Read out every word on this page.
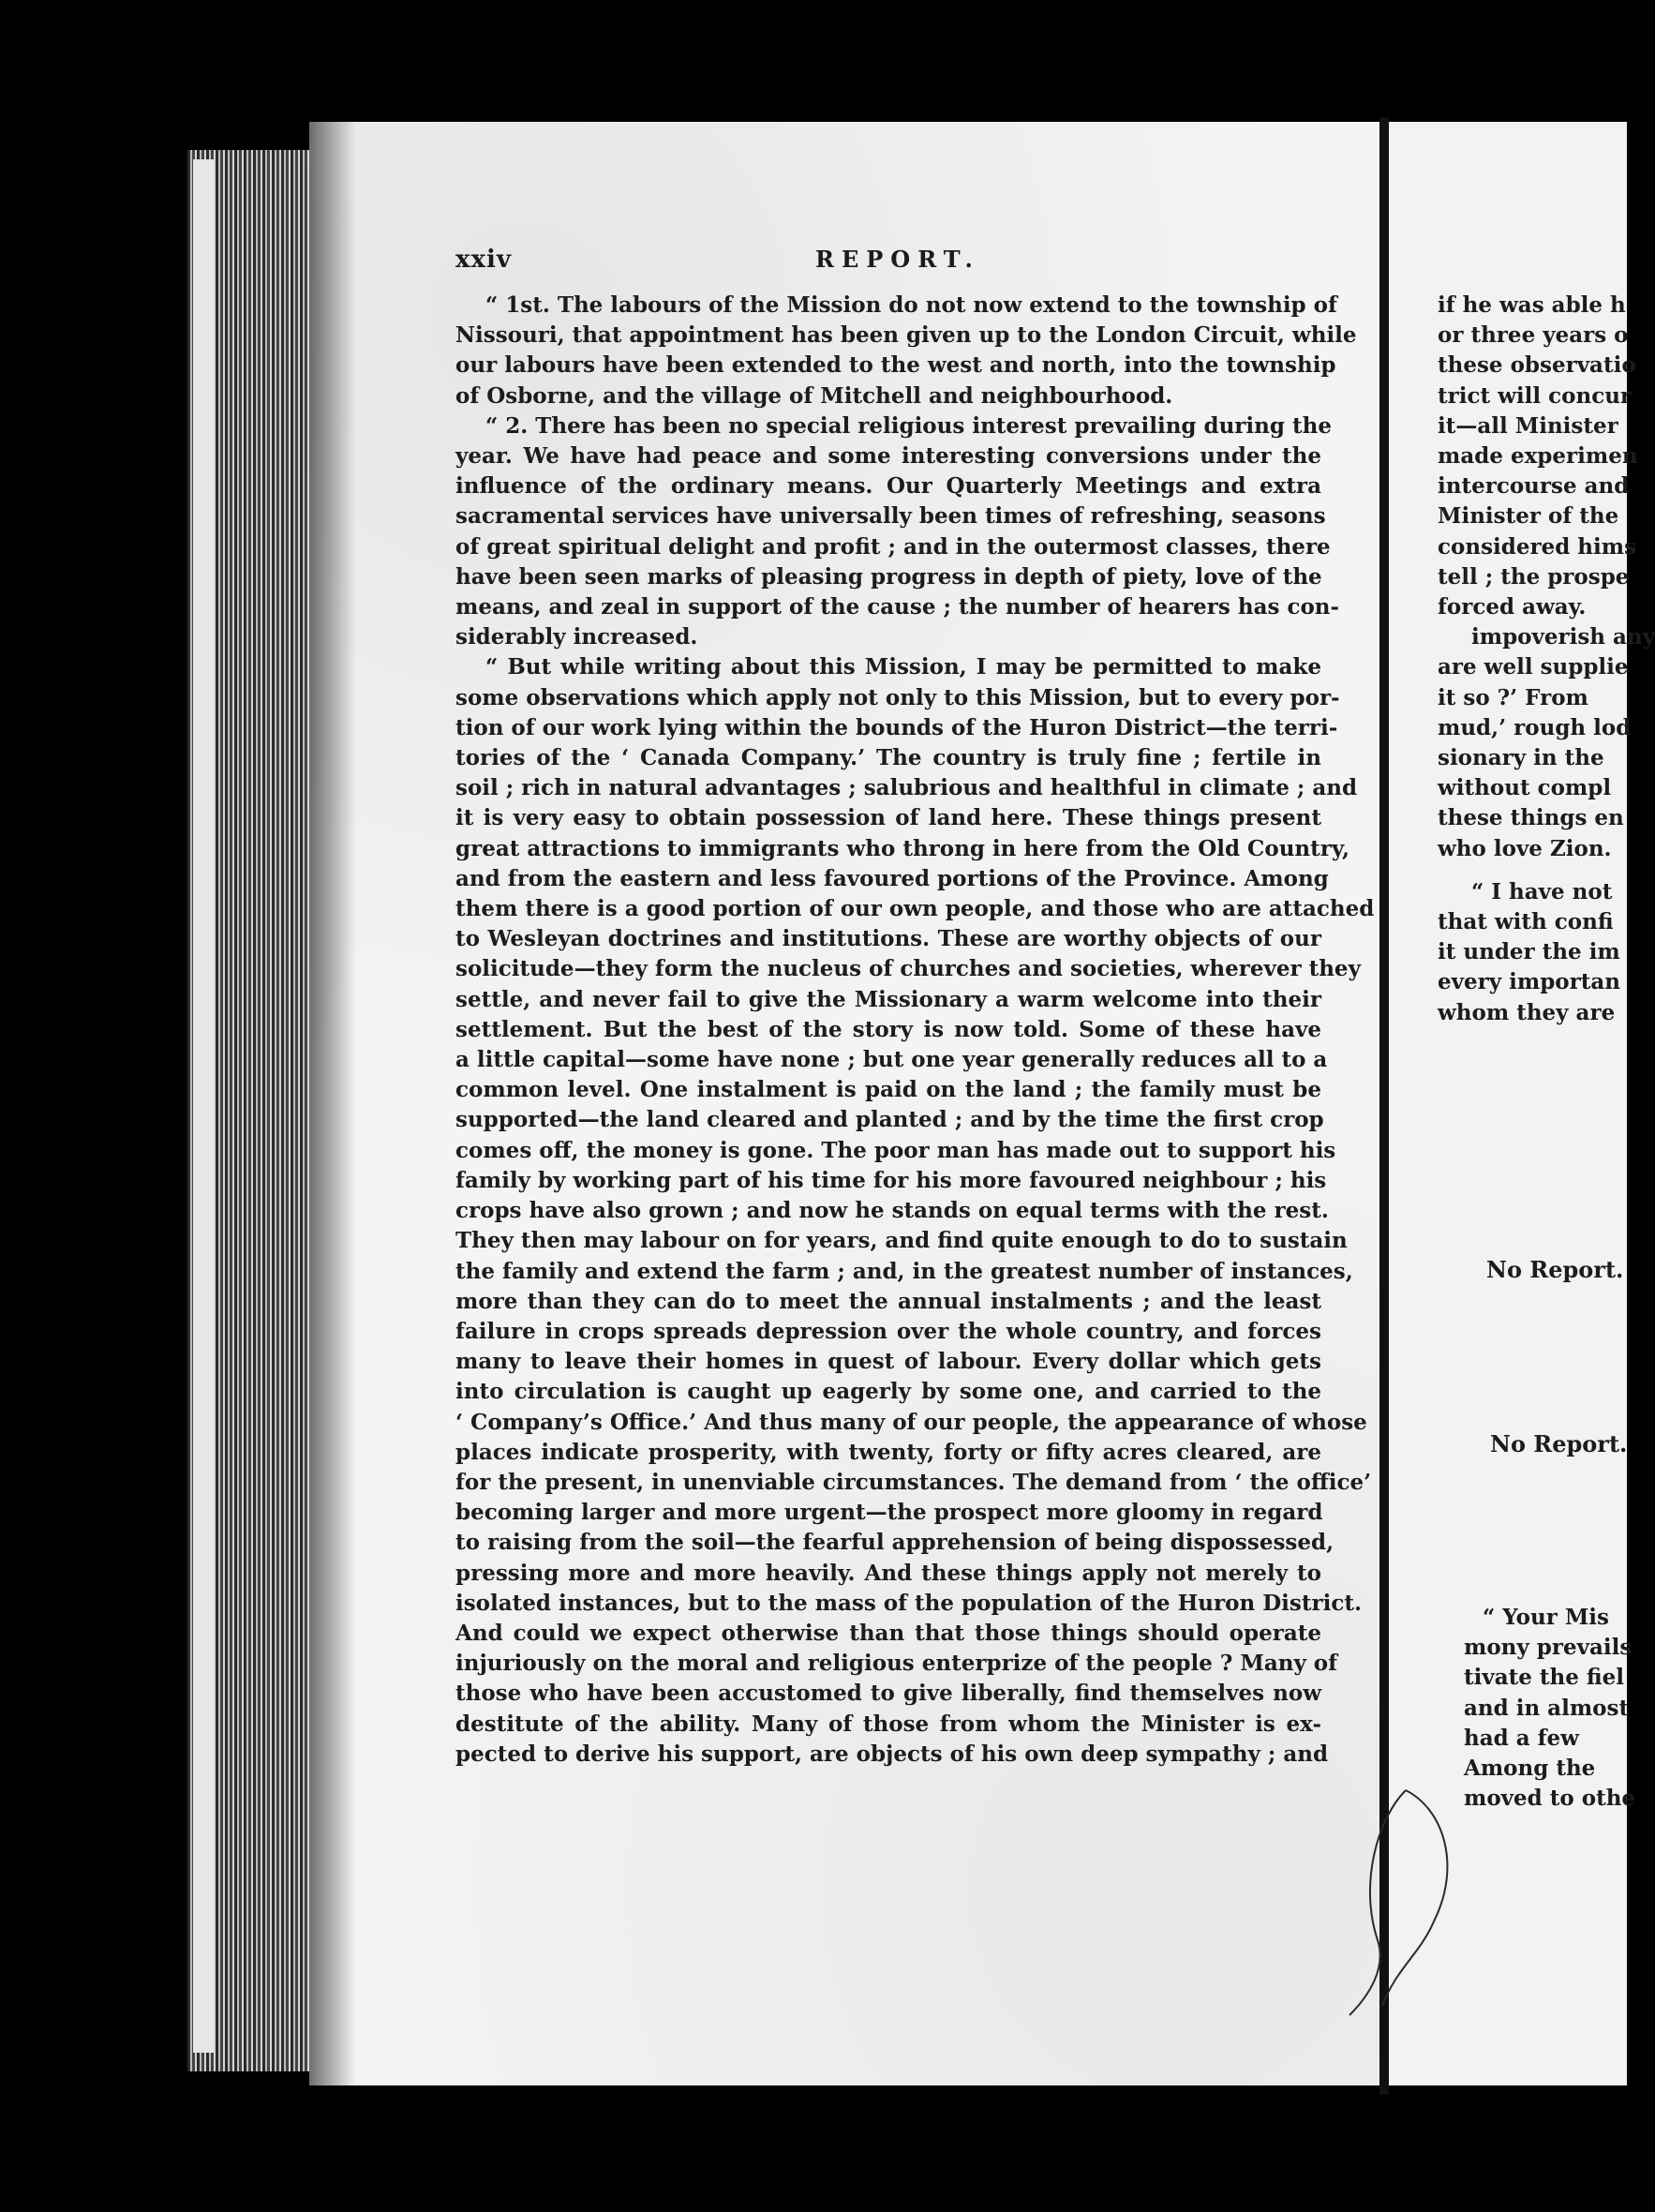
xxiv	REPORT.
“ 1st. The labours of the Mission do not now extend to the township of
Nissouri, that appointment has been given up to the London Circuit, while
our labours have been extended to the west and north, into the township
of Osborne, and the village of Mitchell and neighbourhood.
“ 2. There has been no special religious interest prevailing during the
year. We have had peace and some interesting conversions under the
influence of the ordinary means. Our Quarterly Meetings and extra
sacramental services have universally been times of refreshing, seasons
of great spiritual delight and profit ; and in the outermost classes, there
have been seen marks of pleasing progress in depth of piety, love of the
means, and zeal in support of the cause ; the number of hearers has con-
siderably increased.
“ But while writing about this Mission, I may be permitted to make
some observations which apply not only to this Mission, but to every por-
tion of our work lying within the bounds of the Huron District—the terri-
tories of the ‘ Canada Company.’ The country is truly fine ; fertile in
soil ; rich in natural advantages ; salubrious and healthful in climate ; and
it is very easy to obtain possession of land here. These things present
great attractions to immigrants who throng in here from the Old Country,
and from the eastern and less favoured portions of the Province. Among
them there is a good portion of our own people, and those who are attached
to Wesleyan doctrines and institutions. These are worthy objects of our
solicitude—they form the nucleus of churches and societies, wherever they
settle, and never fail to give the Missionary a warm welcome into their
settlement. But the best of the story is now told. Some of these have
a little capital—some have none ; but one year generally reduces all to a
common level. One instalment is paid on the land ; the family must be
supported—the land cleared and planted ; and by the time the first crop
comes off, the money is gone. The poor man has made out to support his
family by working part of his time for his more favoured neighbour ; his
crops have also grown ; and now he stands on equal terms with the rest.
They then may labour on for years, and find quite enough to do to sustain
the family and extend the farm ; and, in the greatest number of instances,
more than they can do to meet the annual instalments ; and the least
failure in crops spreads depression over the whole country, and forces
many to leave their homes in quest of labour. Every dollar which gets
into circulation is caught up eagerly by some one, and carried to the
‘ Company’s Office.’ And thus many of our people, the appearance of whose
places indicate prosperity, with twenty, forty or fifty acres cleared, are
for the present, in unenviable circumstances. The demand from ‘ the office’
becoming larger and more urgent—the prospect more gloomy in regard
to raising from the soil—the fearful apprehension of being dispossessed,
pressing more and more heavily. And these things apply not merely to
isolated instances, but to the mass of the population of the Huron District.
And could we expect otherwise than that those things should operate
injuriously on the moral and religious enterprize of the people ? Many of
those who have been accustomed to give liberally, find themselves now
destitute of the ability. Many of those from whom the Minister is ex-
pected to derive his support, are objects of his own deep sympathy ; and
if he was able h
or three years o
these observatio
trict will concur
it—all Minister
made experimen
intercourse and
Minister of the
considered hims
tell ; the prospe
forced away.
impoverish any
are well supplie
it so ?’ From
mud,’ rough lod
sionary in the
without compl
these things en
who love Zion.
“ I have not
that with confi
it under the im
every importan
whom they are
No Report.
No Report.
“ Your Mis
mony prevails
tivate the fiel
and in almost
had a few
Among the
moved to othe
